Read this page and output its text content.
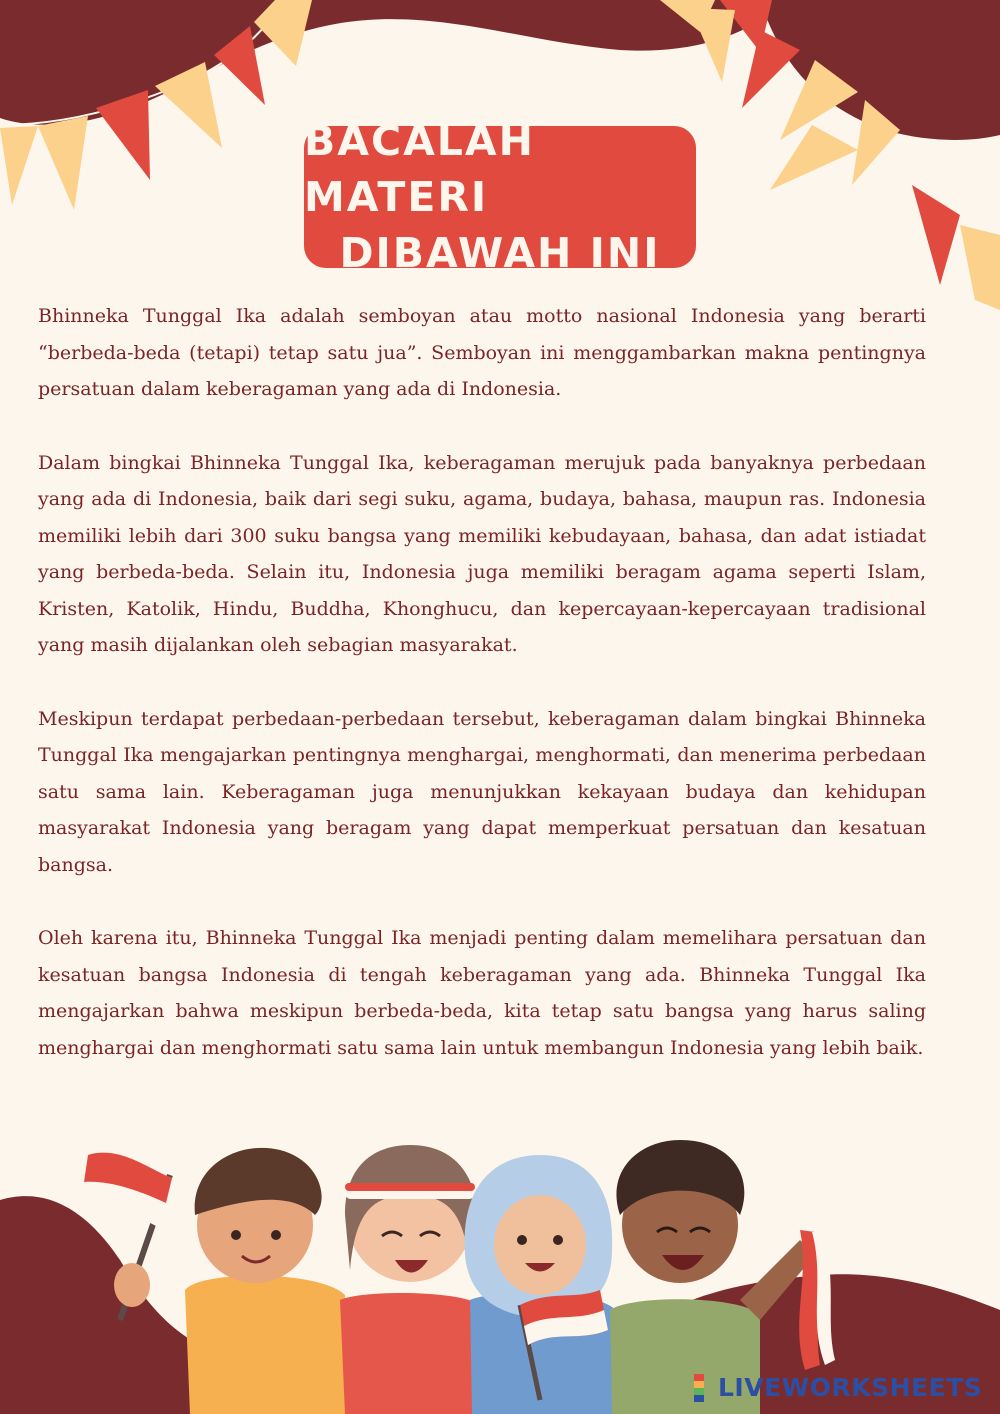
BACALAH MATERI
DIBAWAH INI

Bhinneka Tunggal Ika adalah semboyan atau motto nasional Indonesia yang berarti “berbeda-beda (tetapi) tetap satu jua”. Semboyan ini menggambarkan makna pentingnya persatuan dalam keberagaman yang ada di Indonesia.

Dalam bingkai Bhinneka Tunggal Ika, keberagaman merujuk pada banyaknya perbedaan yang ada di Indonesia, baik dari segi suku, agama, budaya, bahasa, maupun ras. Indonesia memiliki lebih dari 300 suku bangsa yang memiliki kebudayaan, bahasa, dan adat istiadat yang berbeda-beda. Selain itu, Indonesia juga memiliki beragam agama seperti Islam, Kristen, Katolik, Hindu, Buddha, Khonghucu, dan kepercayaan-kepercayaan tradisional yang masih dijalankan oleh sebagian masyarakat.

Meskipun terdapat perbedaan-perbedaan tersebut, keberagaman dalam bingkai Bhinneka Tunggal Ika mengajarkan pentingnya menghargai, menghormati, dan menerima perbedaan satu sama lain. Keberagaman juga menunjukkan kekayaan budaya dan kehidupan masyarakat Indonesia yang beragam yang dapat memperkuat persatuan dan kesatuan bangsa.

Oleh karena itu, Bhinneka Tunggal Ika menjadi penting dalam memelihara persatuan dan kesatuan bangsa Indonesia di tengah keberagaman yang ada. Bhinneka Tunggal Ika mengajarkan bahwa meskipun berbeda-beda, kita tetap satu bangsa yang harus saling menghargai dan menghormati satu sama lain untuk membangun Indonesia yang lebih baik.

LIVEWORKSHEETS
